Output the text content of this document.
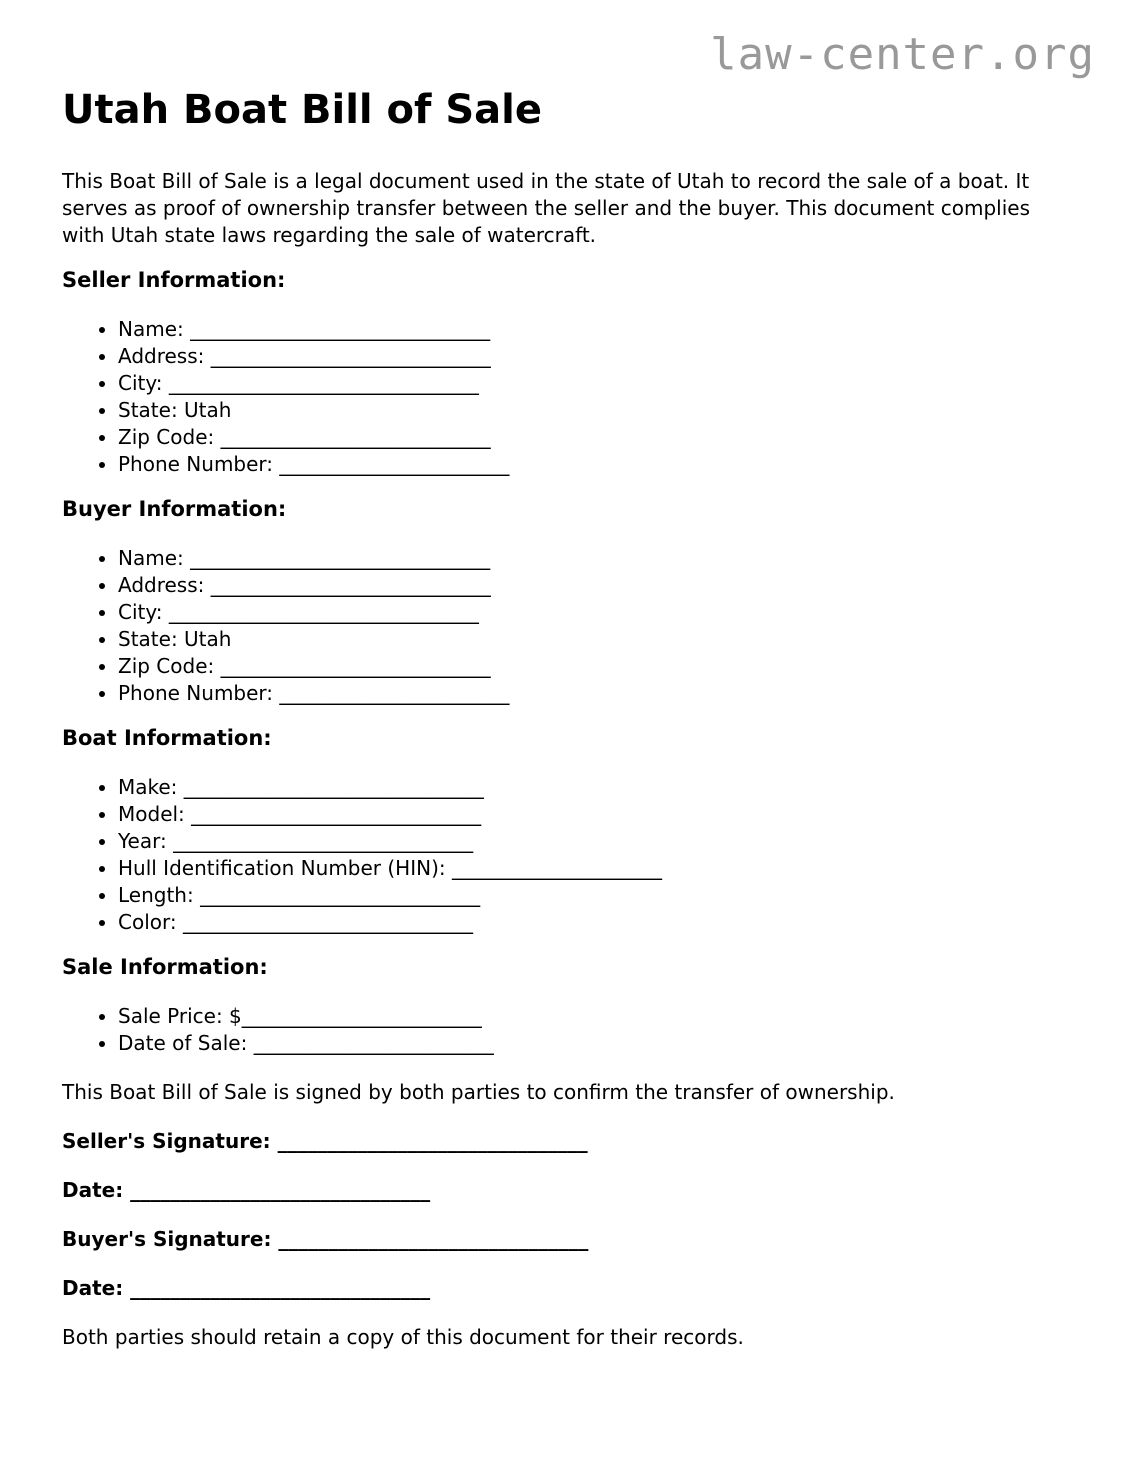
law-center.org
Utah Boat Bill of Sale

This Boat Bill of Sale is a legal document used in the state of Utah to record the sale of a boat. It serves as proof of ownership transfer between the seller and the buyer. This document complies with Utah state laws regarding the sale of watercraft.

Seller Information:
• Name: ______________________________
• Address: ____________________________
• City: _______________________________
• State: Utah
• Zip Code: ___________________________
• Phone Number: _______________________
Buyer Information:
• Name: ______________________________
• Address: ____________________________
• City: _______________________________
• State: Utah
• Zip Code: ___________________________
• Phone Number: _______________________
Boat Information:
• Make: ______________________________
• Model: _____________________________
• Year: ______________________________
• Hull Identification Number (HIN): _____________________
• Length: ____________________________
• Color: _____________________________
Sale Information:
• Sale Price: $________________________
• Date of Sale: ________________________

This Boat Bill of Sale is signed by both parties to confirm the transfer of ownership.

Seller's Signature: _______________________________

Date: ______________________________

Buyer's Signature: _______________________________

Date: ______________________________

Both parties should retain a copy of this document for their records.
